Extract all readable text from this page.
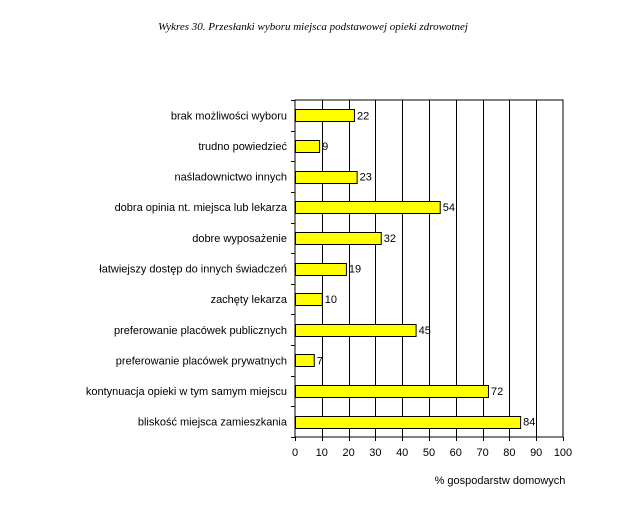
Wykres 30. Przesłanki wyboru miejsca podstawowej opieki zdrowotnej
0 10 20 30 40 50 60 70 80 90 100
brak możliwości wyboru	22
trudno powiedzieć	9
naśladownictwo innych	23
dobra opinia nt. miejsca lub lekarza	54
dobre wyposażenie	32
łatwiejszy dostęp do innych świadczeń	19
zachęty lekarza	10
preferowanie placówek publicznych	45
preferowanie placówek prywatnych	7
kontynuacja opieki w tym samym miejscu	72
bliskość miejsca zamieszkania	84
% gospodarstw domowych
